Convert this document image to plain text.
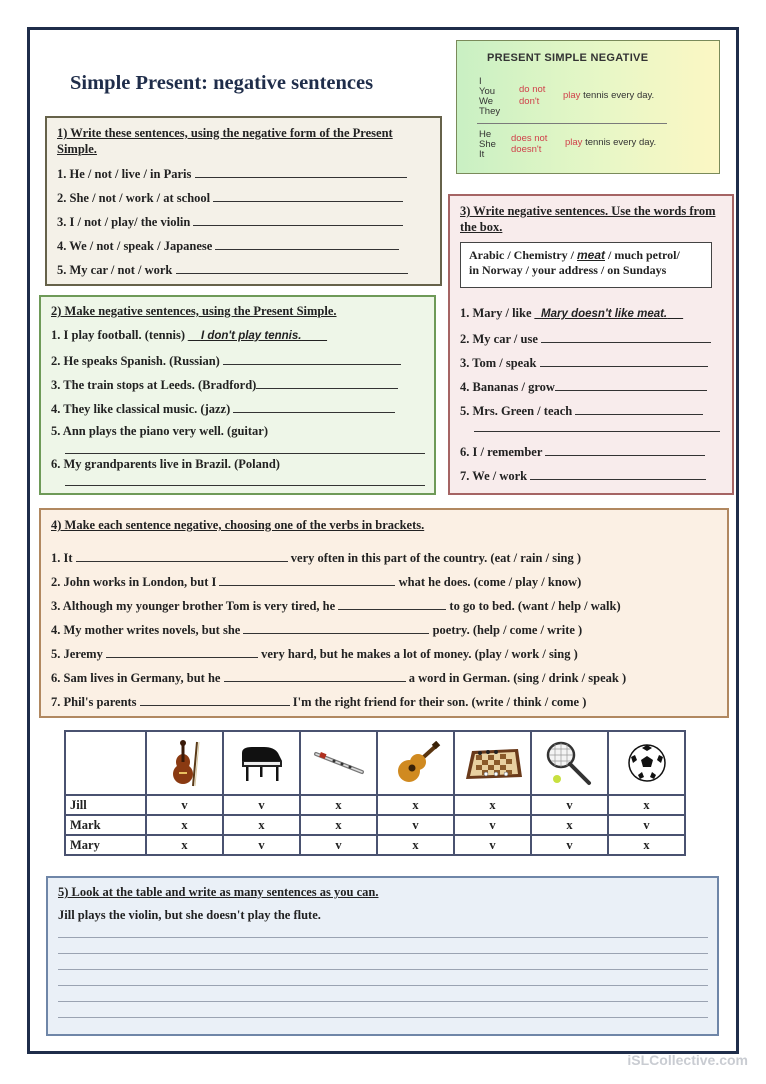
Simple Present: negative sentences
PRESENT SIMPLE NEGATIVE
I
You
We
They
do not
don't
play tennis every day.
He
She
It
does not
doesn't
play tennis every day.
1) Write these sentences, using the negative form of the Present Simple.
1. He / not / live / in Paris
2. She / not / work / at school
3. I / not / play/ the violin
4. We / not / speak / Japanese
5. My car / not / work
2) Make negative sentences, using the Present Simple.
1. I play football. (tennis) __I don't play tennis.____
2. He speaks Spanish. (Russian)
3. The train stops at Leeds. (Bradford)
4. They like classical music. (jazz)
5. Ann plays the piano very well. (guitar)
6. My grandparents live in Brazil. (Poland)
3) Write negative sentences. Use the words from the box.
Arabic / Chemistry / meat / much petrol/
in Norway / your address / on Sundays
1. Mary / like _Mary doesn't like meat. __
2. My car / use
3. Tom / speak
4. Bananas / grow
5. Mrs. Green / teach
6. I / remember
7. We / work
4) Make each sentence negative, choosing one of the verbs in brackets.
1. It	very often in this part of the country. (eat / rain / sing )
2. John works in London, but I	what he does. (come / play / know)
3. Although my younger brother Tom is very tired, he	to go to bed. (want / help / walk)
4. My mother writes novels, but she	poetry. (help / come / write )
5. Jeremy	very hard, but he makes a lot of money. (play / work / sing )
6. Sam lives in Germany, but he	a word in German. (sing / drink / speak )
7. Phil's parents	I'm the right friend for their son. (write / think / come )

Jill	v	v	x	x	x	v	x
Mark	x	x	x	v	v	x	v
Mary	x	v	v	x	v	v	x
5) Look at the table and write as many sentences as you can.
Jill plays the violin, but she doesn't play the flute.
iSLCollective.com
